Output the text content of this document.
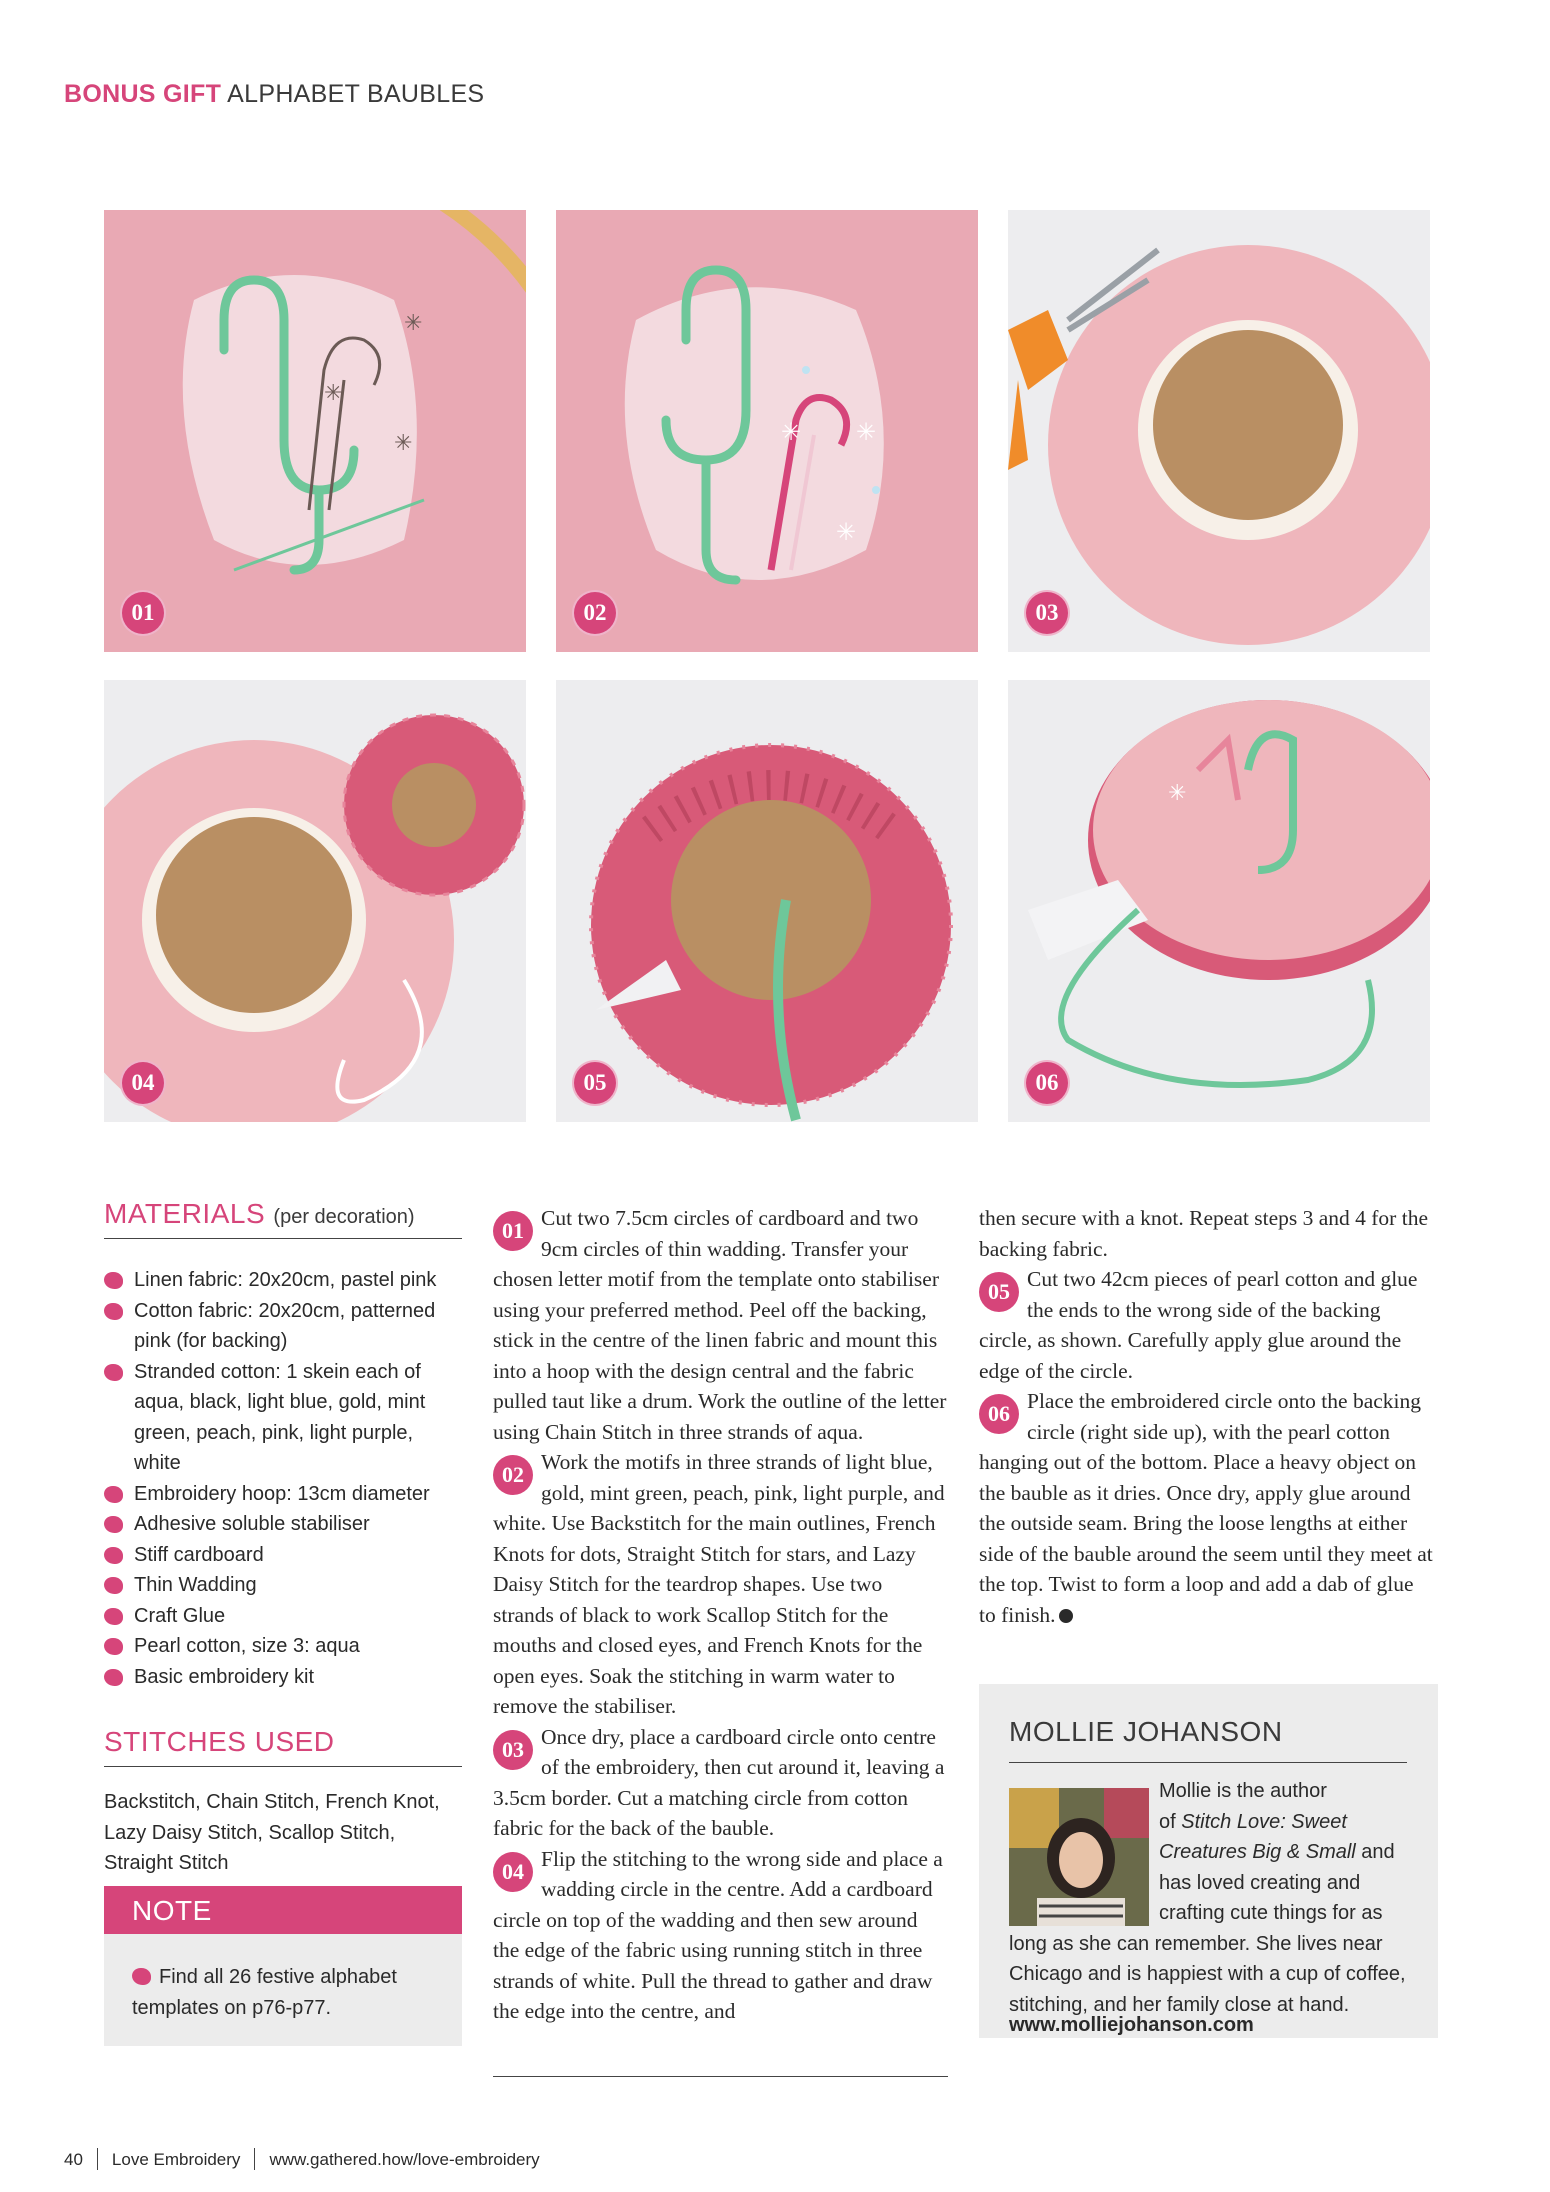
BONUS GIFT ALPHABET BAUBLES
✳
✳
✳
01
✳
✳
✳
02	03
04	05
✳
06
MATERIALS (per decoration)
Linen fabric: 20x20cm, pastel pink
Cotton fabric: 20x20cm, patterned pink (for backing)
Stranded cotton: 1 skein each of aqua, black, light blue, gold, mint green, peach, pink, light purple, white
Embroidery hoop: 13cm diameter
Adhesive soluble stabiliser
Stiff cardboard
Thin Wadding
Craft Glue
Pearl cotton, size 3: aqua
Basic embroidery kit
STITCHES USED
Backstitch, Chain Stitch, French Knot, Lazy Daisy Stitch, Scallop Stitch, Straight Stitch
NOTE
Find all 26 festive alphabet templates on p76-p77.

01 Cut two 7.5cm circles of cardboard and two 9cm circles of thin wadding. Transfer your chosen letter motif from the template onto stabiliser using your preferred method. Peel off the backing, stick in the centre of the linen fabric and mount this into a hoop with the design central and the fabric pulled taut like a drum. Work the outline of the letter using Chain Stitch in three strands of aqua.

02 Work the motifs in three strands of light blue, gold, mint green, peach, pink, light purple, and white. Use Backstitch for the main outlines, French Knots for dots, Straight Stitch for stars, and Lazy Daisy Stitch for the teardrop shapes. Use two strands of black to work Scallop Stitch for the mouths and closed eyes, and French Knots for the open eyes. Soak the stitching in warm water to remove the stabiliser.

03 Once dry, place a cardboard circle onto centre of the embroidery, then cut around it, leaving a 3.5cm border. Cut a matching circle from cotton fabric for the back of the bauble.

04 Flip the stitching to the wrong side and place a wadding circle in the centre. Add a cardboard circle on top of the wadding and then sew around the edge of the fabric using running stitch in three strands of white. Pull the thread to gather and draw the edge into the centre, and

then secure with a knot. Repeat steps 3 and 4 for the backing fabric.

05 Cut two 42cm pieces of pearl cotton and glue the ends to the wrong side of the backing circle, as shown. Carefully apply glue around the edge of the circle.

06 Place the embroidered circle onto the backing circle (right side up), with the pearl cotton hanging out of the bottom. Place a heavy object on the bauble as it dries. Once dry, apply glue around the outside seam. Bring the loose lengths at either side of the bauble around the seem until they meet at the top. Twist to form a loop and add a dab of glue to finish.

MOLLIE JOHANSON
Mollie is the author
of Stitch Love: Sweet
Creatures Big & Small and
has loved creating and
crafting cute things for as
long as she can remember. She lives near Chicago and is happiest with a cup of coffee, stitching, and her family close at hand.
www.molliejohanson.com
40 Love Embroidery www.gathered.how/love-embroidery
